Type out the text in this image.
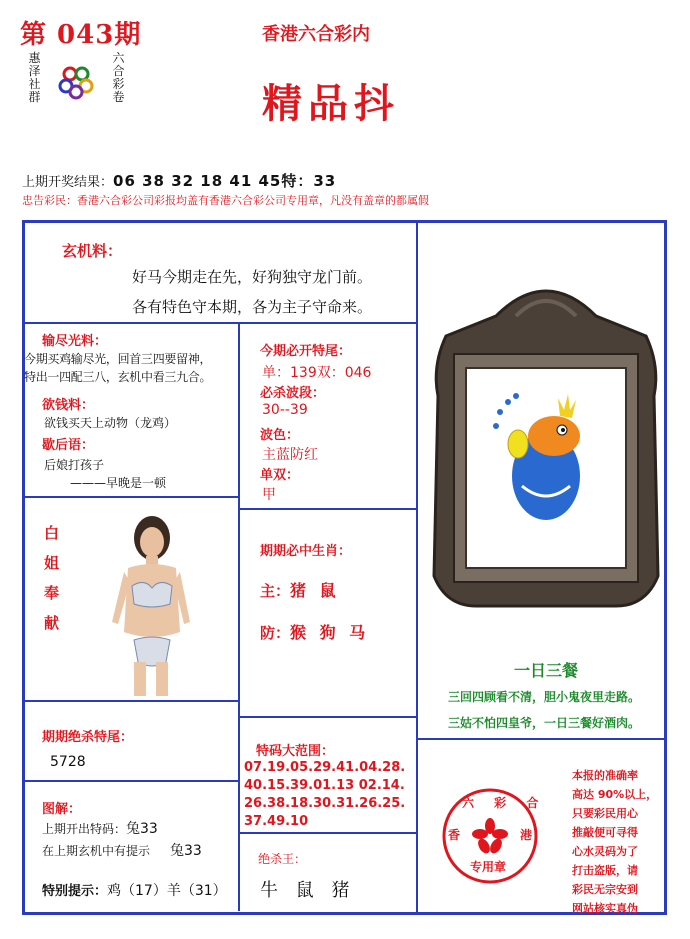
第 043期
惠泽社群
六合彩卷
香港六合彩内
精品抖
上期开奖结果：06 38 32 18 41 45特：33
忠告彩民：香港六合彩公司彩报均盖有香港六合彩公司专用章，凡没有盖章的都属假
玄机料：
好马今期走在先，好狗独守龙门前。
各有特色守本期，各为主子守命来。
输尽光料：
今期买鸡输尽光，回首三四要留神，
特出一四配三八，玄机中看三九合。
欲钱料：
欲钱买天上动物（龙鸡）
歇后语：
后娘打孩子
———早晚是一顿
今期必开特尾：
单：139双：046
必杀波段：
30--39
波色：
主蓝防红
单双：
甲
白姐奉献
期期必中生肖：
主： 猪 鼠
防： 猴 狗 马
一日三餐
三回四顾看不清，胆小鬼夜里走路。
三姑不怕四皇爷，一日三餐好酒肉。
期期绝杀特尾：
5728
特码大范围：
07.19.05.29.41.04.28.
40.15.39.01.13 02.14.
26.38.18.30.31.26.25.
37.49.10
图解：
上期开出特码：兔33
在上期玄机中有提示 兔33
特别提示：鸡（17）羊（31）
绝杀王：
牛 鼠 猪
六 彩 合
香	港
专用章
本报的准确率
高达 90%以上，
只要彩民用心
推敲便可寻得
心水灵码为了
打击盗版，请
彩民无宗安到
网站核实真伪
